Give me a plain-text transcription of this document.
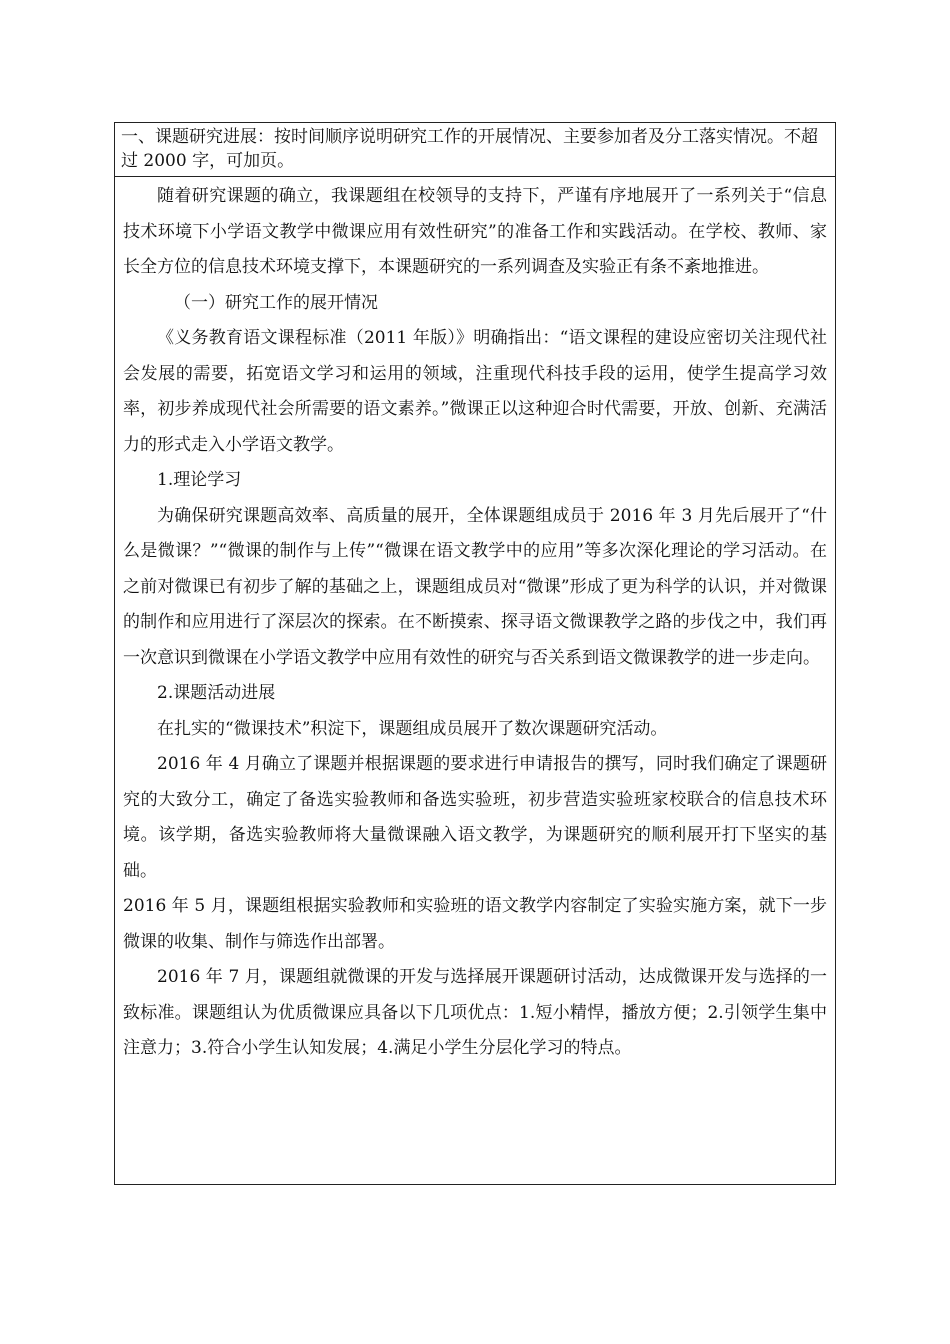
一、课题研究进展：按时间顺序说明研究工作的开展情况、主要参加者及分工落实情况。不超过 2000 字，可加页。

随着研究课题的确立，我课题组在校领导的支持下，严谨有序地展开了一系列关于“信息技术环境下小学语文教学中微课应用有效性研究”的准备工作和实践活动。在学校、教师、家长全方位的信息技术环境支撑下，本课题研究的一系列调查及实验正有条不紊地推进。

（一）研究工作的展开情况

《义务教育语文课程标准（2011 年版）》明确指出：“语文课程的建设应密切关注现代社会发展的需要，拓宽语文学习和运用的领域，注重现代科技手段的运用，使学生提高学习效率，初步养成现代社会所需要的语文素养。”微课正以这种迎合时代需要，开放、创新、充满活力的形式走入小学语文教学。

1.理论学习

为确保研究课题高效率、高质量的展开，全体课题组成员于 2016 年 3 月先后展开了“什么是微课？”“微课的制作与上传”“微课在语文教学中的应用”等多次深化理论的学习活动。在之前对微课已有初步了解的基础之上，课题组成员对“微课”形成了更为科学的认识，并对微课的制作和应用进行了深层次的探索。在不断摸索、探寻语文微课教学之路的步伐之中，我们再一次意识到微课在小学语文教学中应用有效性的研究与否关系到语文微课教学的进一步走向。

2.课题活动进展

在扎实的“微课技术”积淀下，课题组成员展开了数次课题研究活动。

2016 年 4 月确立了课题并根据课题的要求进行申请报告的撰写，同时我们确定了课题研究的大致分工，确定了备选实验教师和备选实验班，初步营造实验班家校联合的信息技术环境。该学期，备选实验教师将大量微课融入语文教学，为课题研究的顺利展开打下坚实的基础。

2016 年 5 月，课题组根据实验教师和实验班的语文教学内容制定了实验实施方案，就下一步微课的收集、制作与筛选作出部署。

2016 年 7 月，课题组就微课的开发与选择展开课题研讨活动，达成微课开发与选择的一致标准。课题组认为优质微课应具备以下几项优点：1.短小精悍，播放方便；2.引领学生集中注意力；3.符合小学生认知发展；4.满足小学生分层化学习的特点。
